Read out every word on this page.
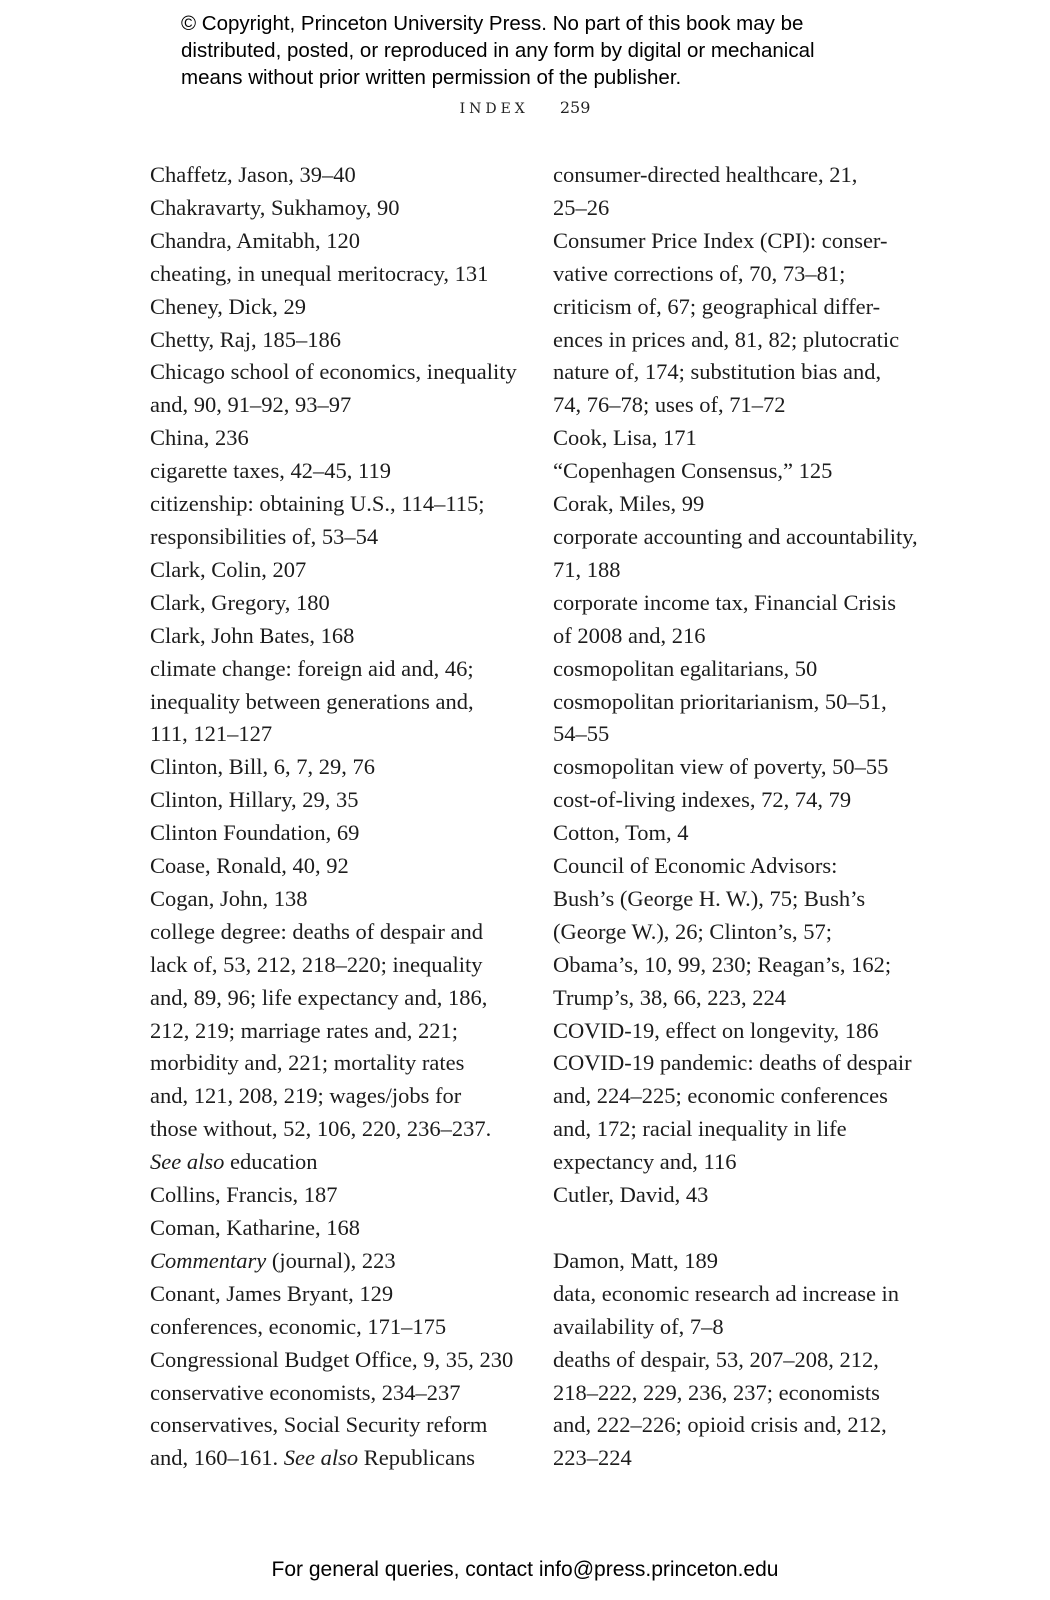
© Copyright, Princeton University Press. No part of this book may be
distributed, posted, or reproduced in any form by digital or mechanical
means without prior written permission of the publisher.
INDEX 259
Chaffetz, Jason, 39–40
Chakravarty, Sukhamoy, 90
Chandra, Amitabh, 120
cheating, in unequal meritocracy, 131
Cheney, Dick, 29
Chetty, Raj, 185–186
Chicago school of economics, inequality
and, 90, 91–92, 93–97
China, 236
cigarette taxes, 42–45, 119
citizenship: obtaining U.S., 114–115;
responsibilities of, 53–54
Clark, Colin, 207
Clark, Gregory, 180
Clark, John Bates, 168
climate change: foreign aid and, 46;
inequality between generations and,
111, 121–127
Clinton, Bill, 6, 7, 29, 76
Clinton, Hillary, 29, 35
Clinton Foundation, 69
Coase, Ronald, 40, 92
Cogan, John, 138
college degree: deaths of despair and
lack of, 53, 212, 218–220; inequality
and, 89, 96; life expectancy and, 186,
212, 219; marriage rates and, 221;
morbidity and, 221; mortality rates
and, 121, 208, 219; wages/jobs for
those without, 52, 106, 220, 236–237.
See also education
Collins, Francis, 187
Coman, Katharine, 168
Commentary (journal), 223
Conant, James Bryant, 129
conferences, economic, 171–175
Congressional Budget Office, 9, 35, 230
conservative economists, 234–237
conservatives, Social Security reform
and, 160–161. See also Republicans
consumer-directed healthcare, 21,
25–26
Consumer Price Index (CPI): conser-
vative corrections of, 70, 73–81;
criticism of, 67; geographical differ-
ences in prices and, 81, 82; plutocratic
nature of, 174; substitution bias and,
74, 76–78; uses of, 71–72
Cook, Lisa, 171
“Copenhagen Consensus,” 125
Corak, Miles, 99
corporate accounting and accountability,
71, 188
corporate income tax, Financial Crisis
of 2008 and, 216
cosmopolitan egalitarians, 50
cosmopolitan prioritarianism, 50–51,
54–55
cosmopolitan view of poverty, 50–55
cost-of-living indexes, 72, 74, 79
Cotton, Tom, 4
Council of Economic Advisors:
Bush’s (George H. W.), 75; Bush’s
(George W.), 26; Clinton’s, 57;
Obama’s, 10, 99, 230; Reagan’s, 162;
Trump’s, 38, 66, 223, 224
COVID-19, effect on longevity, 186
COVID-19 pandemic: deaths of despair
and, 224–225; economic conferences
and, 172; racial inequality in life
expectancy and, 116
Cutler, David, 43
Damon, Matt, 189
data, economic research ad increase in
availability of, 7–8
deaths of despair, 53, 207–208, 212,
218–222, 229, 236, 237; economists
and, 222–226; opioid crisis and, 212,
223–224
For general queries, contact info@press.princeton.edu
